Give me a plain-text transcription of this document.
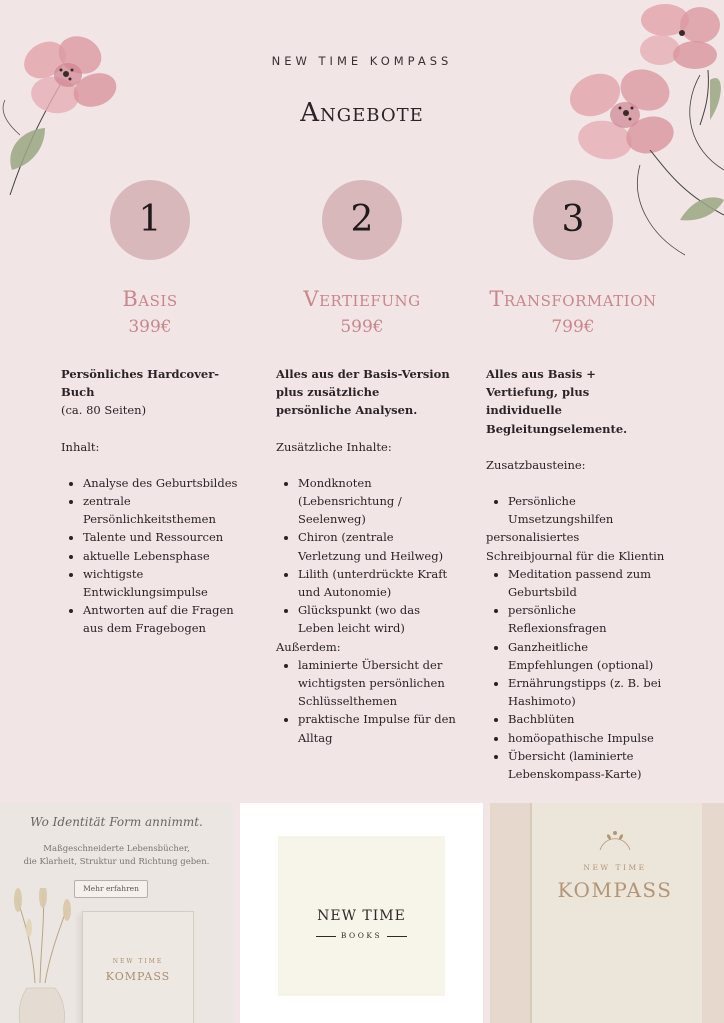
NEW TIME KOMPASS
Angebote
1	2	3
Basis
399€
Vertiefung
599€
Transformation
799€

Persönliches Hardcover-Buch

(ca. 80 Seiten)

Inhalt:

• Analyse des Geburtsbildes
• zentrale Persönlichkeitsthemen
• Talente und Ressourcen
• aktuelle Lebensphase
• wichtigste Entwicklungsimpulse
• Antworten auf die Fragen aus dem Fragebogen

Alles aus der Basis-Version plus zusätzliche persönliche Analysen.

Zusätzliche Inhalte:

• Mondknoten (Lebensrichtung / Seelenweg)
• Chiron (zentrale Verletzung und Heilweg)
• Lilith (unterdrückte Kraft und Autonomie)
• Glückspunkt (wo das Leben leicht wird)

Außerdem:

• laminierte Übersicht der wichtigsten persönlichen Schlüsselthemen
• praktische Impulse für den Alltag

Alles aus Basis + Vertiefung, plus individuelle Begleitungselemente.

Zusatzbausteine:

• Persönliche Umsetzungshilfen

personalisiertes Schreibjournal für die Klientin

• Meditation passend zum Geburtsbild
• persönliche Reflexionsfragen
• Ganzheitliche Empfehlungen (optional)
• Ernährungstipps (z. B. bei Hashimoto)
• Bachblüten
• homöopathische Impulse
• Übersicht (laminierte Lebenskompass-Karte)
Wo Identität Form annimmt.
Maßgeschneiderte Lebensbücher,
die Klarheit, Struktur und Richtung geben.
Mehr erfahren
NEW TIME
KOMPASS
NEW TIME
BOOKS
NEW TIME
KOMPASS
